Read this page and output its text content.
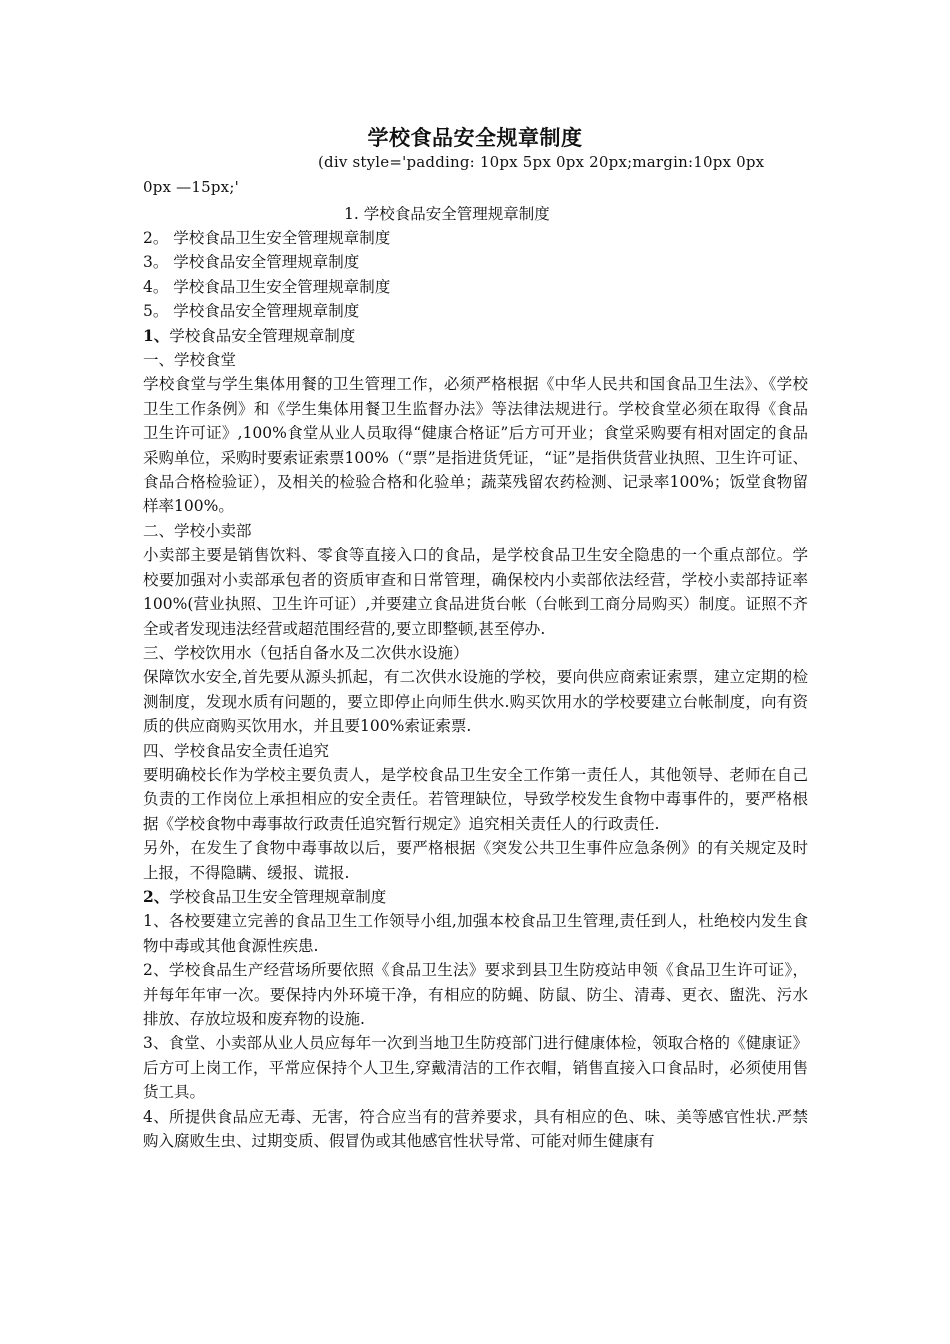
学校食品安全规章制度
(div style='padding: 10px 5px 0px 20px;margin:10px 0px
0px —15px;'
1. 学校食品安全管理规章制度

2。 学校食品卫生安全管理规章制度

3。 学校食品安全管理规章制度

4。 学校食品卫生安全管理规章制度

5。 学校食品安全管理规章制度

1、学校食品安全管理规章制度

一、学校食堂

学校食堂与学生集体用餐的卫生管理工作，必须严格根据《中华人民共和国食品卫生法》、《学校卫生工作条例》和《学生集体用餐卫生监督办法》等法律法规进行。学校食堂必须在取得《食品卫生许可证》,100%食堂从业人员取得“健康合格证”后方可开业；食堂采购要有相对固定的食品采购单位，采购时要索证索票100%（“票”是指进货凭证，“证”是指供货营业执照、卫生许可证、食品合格检验证），及相关的检验合格和化验单；蔬菜残留农药检测、记录率100%；饭堂食物留样率100%。

二、学校小卖部

小卖部主要是销售饮料、零食等直接入口的食品，是学校食品卫生安全隐患的一个重点部位。学校要加强对小卖部承包者的资质审查和日常管理，确保校内小卖部依法经营，学校小卖部持证率100%(营业执照、卫生许可证）,并要建立食品进货台帐（台帐到工商分局购买）制度。证照不齐全或者发现违法经营或超范围经营的,要立即整顿,甚至停办.

三、学校饮用水（包括自备水及二次供水设施）

保障饮水安全,首先要从源头抓起，有二次供水设施的学校，要向供应商索证索票，建立定期的检测制度，发现水质有问题的，要立即停止向师生供水.购买饮用水的学校要建立台帐制度，向有资质的供应商购买饮用水，并且要100%索证索票.

四、学校食品安全责任追究

要明确校长作为学校主要负责人，是学校食品卫生安全工作第一责任人，其他领导、老师在自己负责的工作岗位上承担相应的安全责任。若管理缺位，导致学校发生食物中毒事件的，要严格根据《学校食物中毒事故行政责任追究暂行规定》追究相关责任人的行政责任.

另外，在发生了食物中毒事故以后，要严格根据《突发公共卫生事件应急条例》的有关规定及时上报，不得隐瞒、缓报、谎报.

2、学校食品卫生安全管理规章制度

1、各校要建立完善的食品卫生工作领导小组,加强本校食品卫生管理,责任到人，杜绝校内发生食物中毒或其他食源性疾患.

2、学校食品生产经营场所要依照《食品卫生法》要求到县卫生防疫站申领《食品卫生许可证》，并每年年审一次。要保持内外环境干净，有相应的防蝇、防鼠、防尘、清毒、更衣、盥洗、污水排放、存放垃圾和废弃物的设施.

3、食堂、小卖部从业人员应每年一次到当地卫生防疫部门进行健康体检，领取合格的《健康证》后方可上岗工作，平常应保持个人卫生,穿戴清洁的工作衣帽，销售直接入口食品时，必须使用售货工具。

4、所提供食品应无毒、无害，符合应当有的营养要求，具有相应的色、味、美等感官性状.严禁购入腐败生虫、过期变质、假冒伪或其他感官性状导常、可能对师生健康有
